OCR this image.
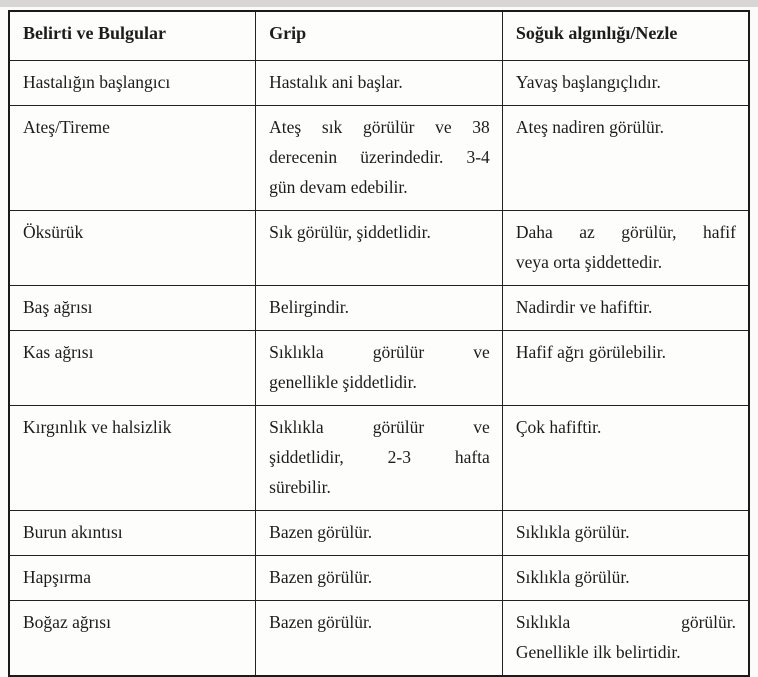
Belirti ve Bulgular	Grip	Soğuk algınlığı/Nezle

Hastalığın başlangıcı	Hastalık ani başlar.	Yavaş başlangıçlıdır.

Ateş/Tireme	Ateş sık görülür ve 38
derecenin üzerindedir. 3-4
gün devam edebilir.	Ateş nadiren görülür.

Öksürük	Sık görülür, şiddetlidir.	Daha az görülür, hafif
veya orta şiddettedir.

Baş ağrısı	Belirgindir.	Nadirdir ve hafiftir.

Kas ağrısı	Sıklıkla görülür ve
genellikle şiddetlidir.	Hafif ağrı görülebilir.

Kırgınlık ve halsizlik	Sıklıkla görülür ve
şiddetlidir, 2-3 hafta
sürebilir.	Çok hafiftir.

Burun akıntısı	Bazen görülür.	Sıklıkla görülür.

Hapşırma	Bazen görülür.	Sıklıkla görülür.

Boğaz ağrısı	Bazen görülür.	Sıklıkla görülür.
Genellikle ilk belirtidir.
